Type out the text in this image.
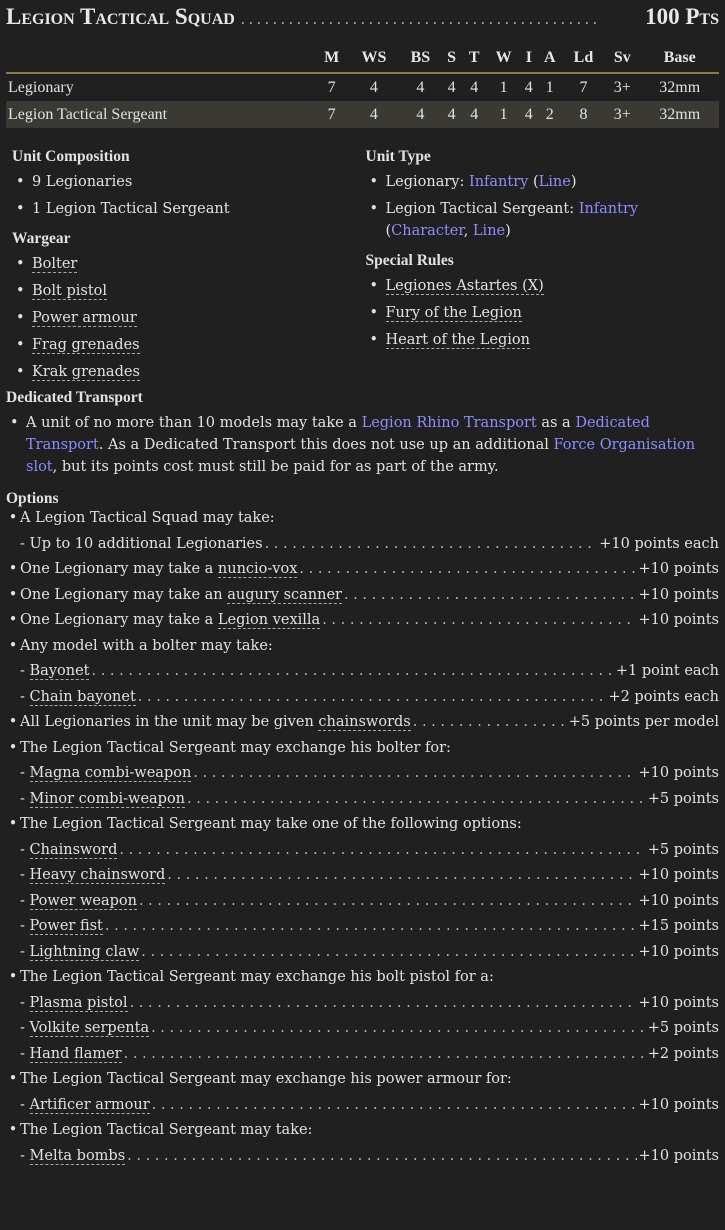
Legion Tactical Squad . . .	100 Pts
	M	WS	BS	S	T	W	I	A	Ld	Sv	Base
Legionary	7	4	4	4	4	1	4	1	7	3+	32mm
Legion Tactical Sergeant	7	4	4	4	4	1	4	2	8	3+	32mm
Unit Composition
• 9 Legionaries
• 1 Legion Tactical Sergeant
Wargear
• Bolter
• Bolt pistol
• Power armour
• Frag grenades
• Krak grenades
Unit Type
• Legionary: Infantry (Line)
• Legion Tactical Sergeant: Infantry (Character, Line)
Special Rules
• Legiones Astartes (X)
• Fury of the Legion
• Heart of the Legion
Dedicated Transport
• A unit of no more than 10 models may take a Legion Rhino Transport as a Dedicated Transport. As a Dedicated Transport this does not use up an additional Force Organisation slot, but its points cost must still be paid for as part of the army.
Options
• A Legion Tactical Squad may take:
- Up to 10 additional Legionaries . . .	+10 points each
• One Legionary may take a nuncio-vox . . .	+10 points
• One Legionary may take an augury scanner . . .	+10 points
• One Legionary may take a Legion vexilla . . .	+10 points
• Any model with a bolter may take:
- Bayonet . . .	+1 point each
- Chain bayonet . . .	+2 points each
• All Legionaries in the unit may be given chainswords . . .	+5 points per model
• The Legion Tactical Sergeant may exchange his bolter for:
- Magna combi-weapon . . .	+10 points
- Minor combi-weapon . . .	+5 points
• The Legion Tactical Sergeant may take one of the following options:
- Chainsword . . .	+5 points
- Heavy chainsword . . .	+10 points
- Power weapon . . .	+10 points
- Power fist . . .	+15 points
- Lightning claw . . .	+10 points
• The Legion Tactical Sergeant may exchange his bolt pistol for a:
- Plasma pistol . . .	+10 points
- Volkite serpenta . . .	+5 points
- Hand flamer . . .	+2 points
• The Legion Tactical Sergeant may exchange his power armour for:
- Artificer armour . . .	+10 points
• The Legion Tactical Sergeant may take:
- Melta bombs . . .	+10 points
